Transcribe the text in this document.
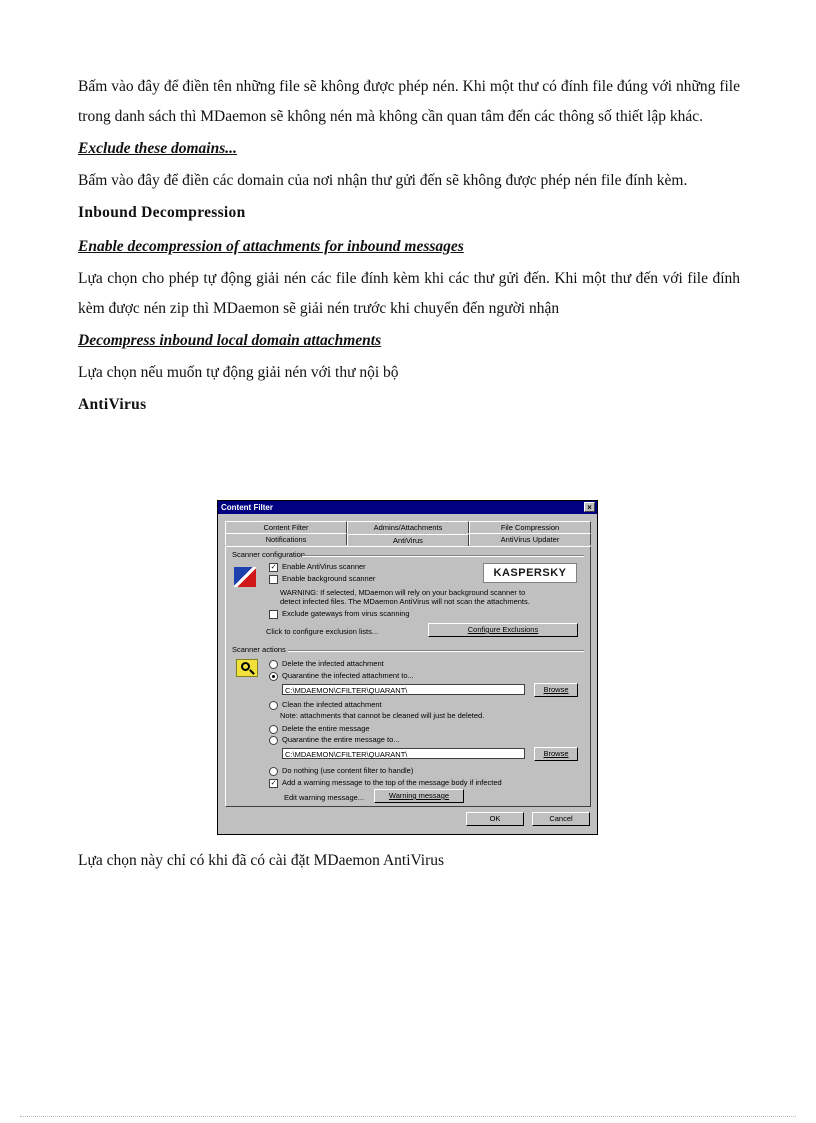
Bấm vào đây để điền tên những file sẽ không được phép nén. Khi một thư có đính file đúng với những file trong danh sách thì MDaemon sẽ không nén mà không cần quan tâm đến các thông số thiết lập khác.

Exclude these domains...

Bấm vào đây để điền các domain của nơi nhận thư gửi đến sẽ không được phép nén file đính kèm.

Inbound Decompression

Enable decompression of attachments for inbound messages

Lựa chọn cho phép tự động giải nén các file đính kèm khi các thư gửi đến. Khi một thư đến với file đính kèm được nén zip thì MDaemon sẽ giải nén trước khi chuyển đến người nhận

Decompress inbound local domain attachments

Lựa chọn nếu muốn tự động giải nén với thư nội bộ

AntiVirus

Content Filter	×
Content Filter	Admins/Attachments	File Compression
Notifications	AntiVirus	AntiVirus Updater
Scanner configuration
✓ Enable AntiVirus scanner
Enable background scanner	KASPERSKY
WARNING: If selected, MDaemon will rely on your background scanner to
detect infected files. The MDaemon AntiVirus will not scan the attachments.
Exclude gateways from virus scanning
Click to configure exclusion lists...	Configure Exclusions
Scanner actions
Delete the infected attachment
Quarantine the infected attachment to...
C:\MDAEMON\CFILTER\QUARANT\	Browse
Clean the infected attachment
Note: attachments that cannot be cleaned will just be deleted.
Delete the entire message
Quarantine the entire message to...
C:\MDAEMON\CFILTER\QUARANT\	Browse
Do nothing (use content filter to handle)
✓ Add a warning message to the top of the message body if infected
Edit warning message...	Warning message
OK	Cancel

Lựa chọn này chỉ có khi đã có cài đặt MDaemon AntiVirus
